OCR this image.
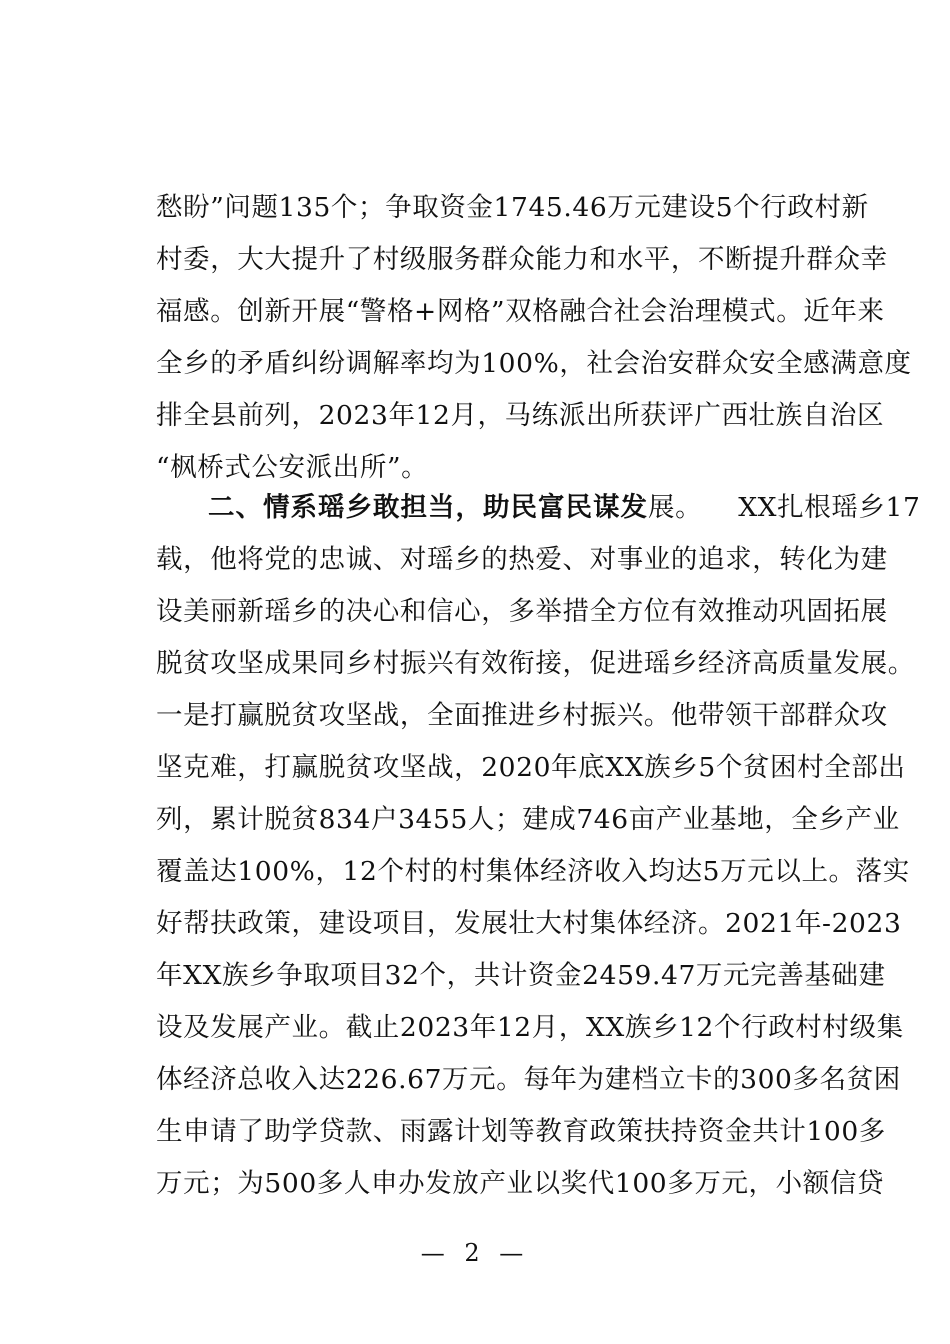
愁盼”问题135个；争取资金1745.46万元建设5个行政村新
村委，大大提升了村级服务群众能力和水平，不断提升群众幸
福感。创新开展“警格+网格”双格融合社会治理模式。近年来
全乡的矛盾纠纷调解率均为100%，社会治安群众安全感满意度
排全县前列，2023年12月，马练派出所获评广西壮族自治区
“枫桥式公安派出所”。
二、情系瑶乡敢担当，助民富民谋发展。 XX扎根瑶乡17
载，他将党的忠诚、对瑶乡的热爱、对事业的追求，转化为建
设美丽新瑶乡的决心和信心，多举措全方位有效推动巩固拓展
脱贫攻坚成果同乡村振兴有效衔接，促进瑶乡经济高质量发展。
一是打赢脱贫攻坚战，全面推进乡村振兴。他带领干部群众攻
坚克难，打赢脱贫攻坚战，2020年底XX族乡5个贫困村全部出
列，累计脱贫834户3455人；建成746亩产业基地，全乡产业
覆盖达100%，12个村的村集体经济收入均达5万元以上。落实
好帮扶政策，建设项目，发展壮大村集体经济。2021年-2023
年XX族乡争取项目32个，共计资金2459.47万元完善基础建
设及发展产业。截止2023年12月，XX族乡12个行政村村级集
体经济总收入达226.67万元。每年为建档立卡的300多名贫困
生申请了助学贷款、雨露计划等教育政策扶持资金共计100多
万元；为500多人申办发放产业以奖代100多万元，小额信贷
— 2 —
